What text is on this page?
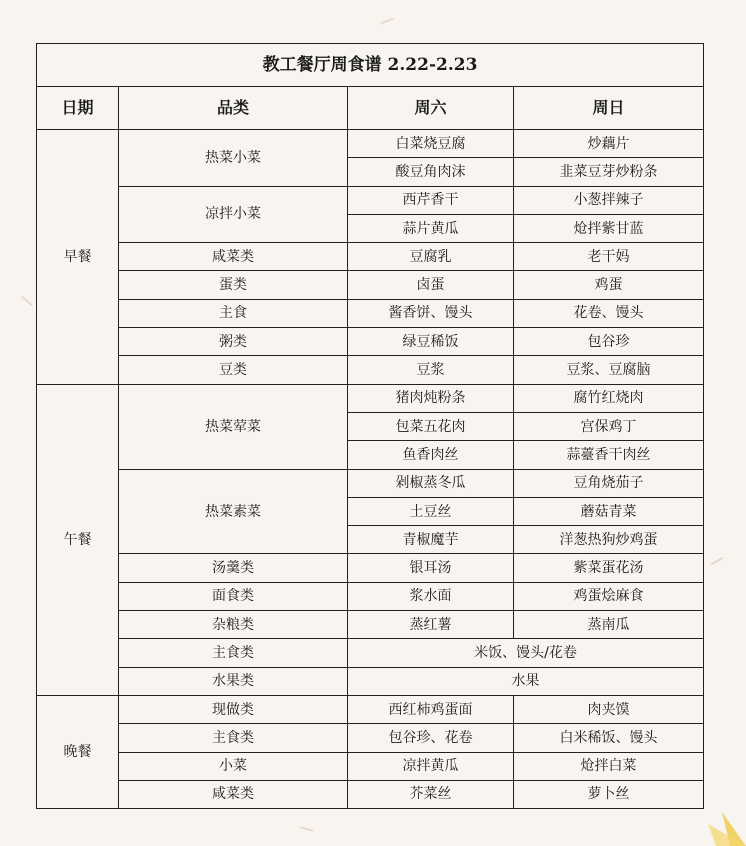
教工餐厅周食谱 2.22-2.23			
日期	品类	周六	周日
早餐	热菜小菜	白菜烧豆腐	炒藕片
		酸豆角肉沫	韭菜豆芽炒粉条
	凉拌小菜	西芹香干	小葱拌辣子
		蒜片黄瓜	炝拌紫甘蓝
	咸菜类	豆腐乳	老干妈
	蛋类	卤蛋	鸡蛋
	主食	酱香饼、馒头	花卷、馒头
	粥类	绿豆稀饭	包谷珍
	豆类	豆浆	豆浆、豆腐脑
午餐	热菜荤菜	猪肉炖粉条	腐竹红烧肉
		包菜五花肉	宫保鸡丁
		鱼香肉丝	蒜薹香干肉丝
	热菜素菜	剁椒蒸冬瓜	豆角烧茄子
		土豆丝	蘑菇青菜
		青椒魔芋	洋葱热狗炒鸡蛋
	汤羹类	银耳汤	紫菜蛋花汤
	面食类	浆水面	鸡蛋烩麻食
	杂粮类	蒸红薯	蒸南瓜
	主食类	米饭、馒头/花卷	
	水果类	水果	
晚餐	现做类	西红柿鸡蛋面	肉夹馍
	主食类	包谷珍、花卷	白米稀饭、馒头
	小菜	凉拌黄瓜	炝拌白菜
	咸菜类	芥菜丝	萝卜丝
